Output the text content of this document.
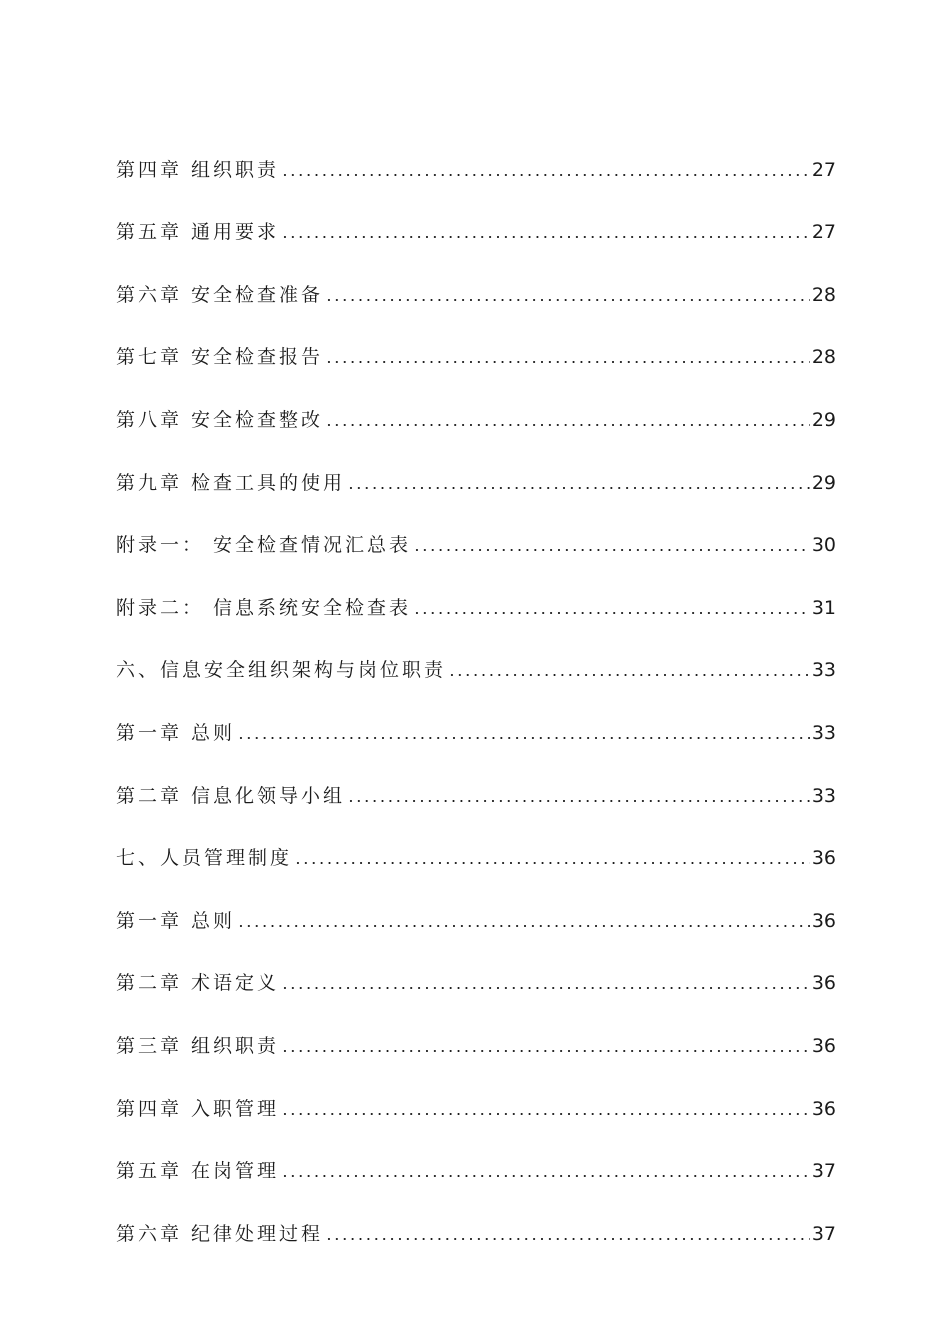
第四章 组织职责	27
第五章 通用要求	27
第六章 安全检查准备	28
第七章 安全检查报告	28
第八章 安全检查整改	29
第九章 检查工具的使用	29
附录一： 安全检查情况汇总表	30
附录二： 信息系统安全检查表	31
六、信息安全组织架构与岗位职责	33
第一章 总则	33
第二章 信息化领导小组	33
七、人员管理制度	36
第一章 总则	36
第二章 术语定义	36
第三章 组织职责	36
第四章 入职管理	36
第五章 在岗管理	37
第六章 纪律处理过程	37
